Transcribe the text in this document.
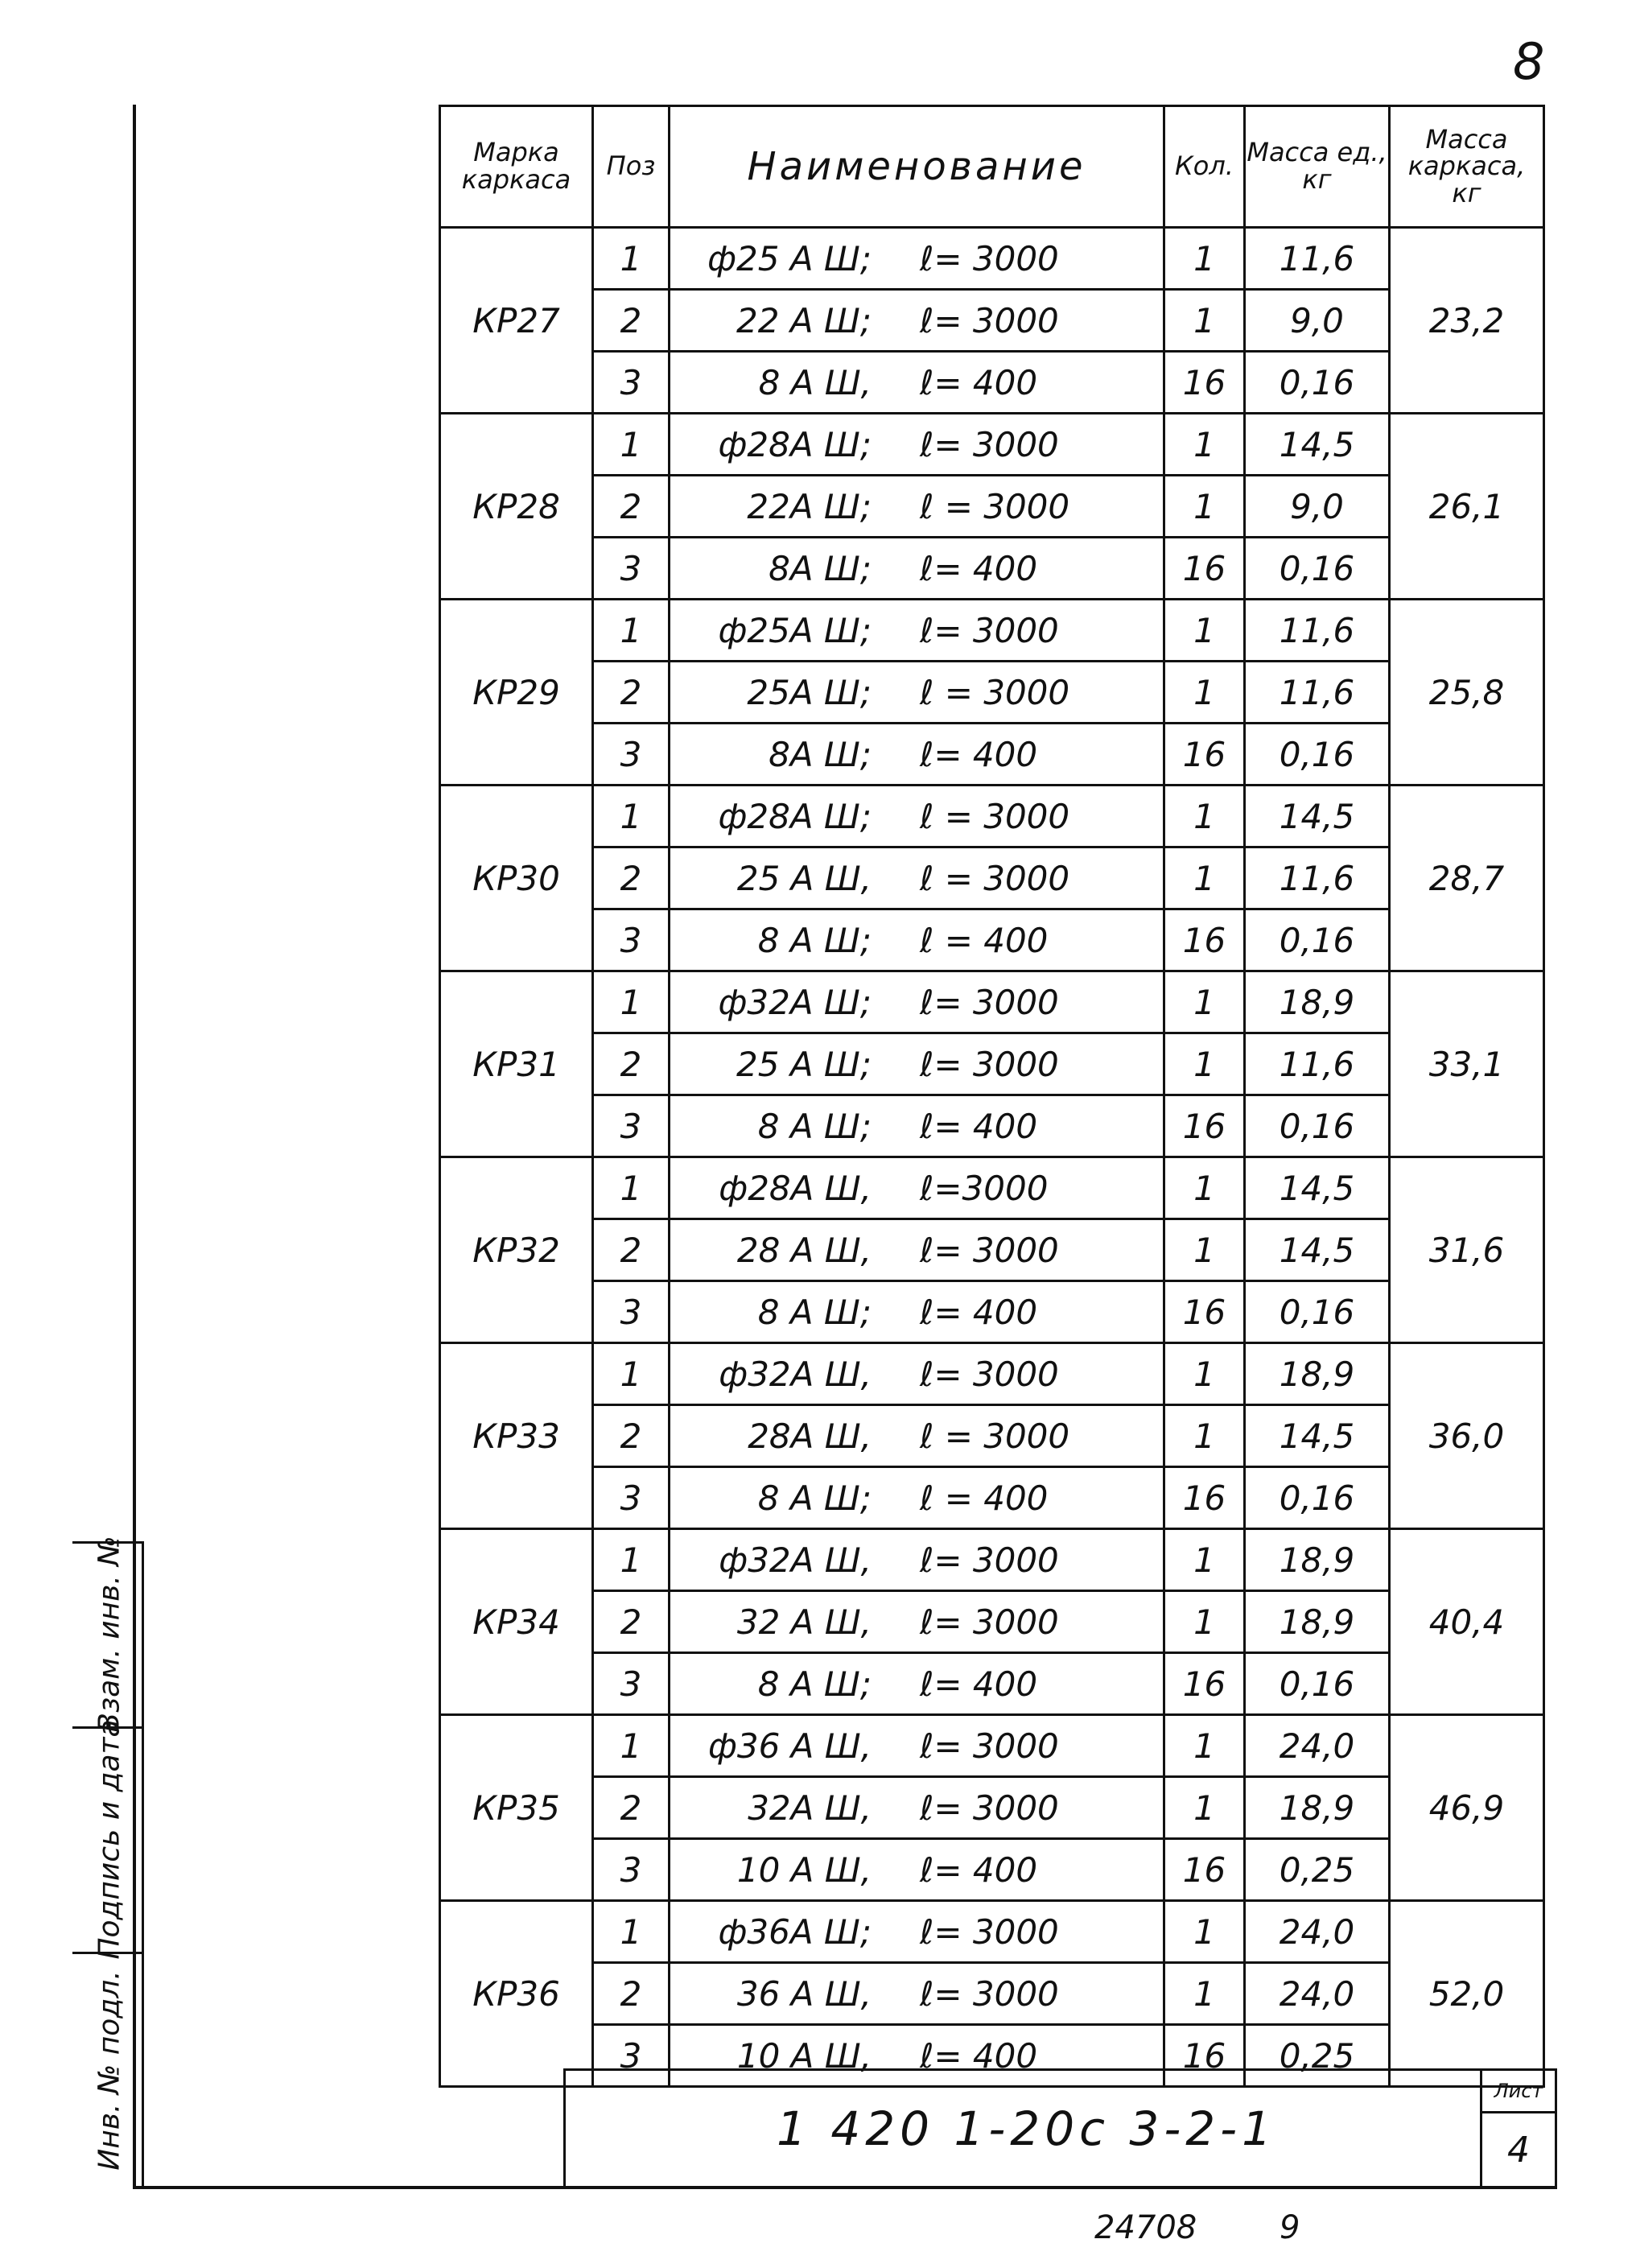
8
Взам. инв. №
Подпись и дата
Инв. № подл.
Марка каркаса	Поз	Наименование	Кол.	Масса ед., кг	Масса каркаса, кг
КР27	1	ф25 А Ш; ℓ= 3000	1	11,6	23,2
	2	22 А Ш; ℓ= 3000	1	9,0	
	3	8 А Ш, ℓ= 400	16	0,16	
КР28	1	ф28А Ш; ℓ= 3000	1	14,5	26,1
	2	22А Ш; ℓ = 3000	1	9,0	
	3	8А Ш; ℓ= 400	16	0,16	
КР29	1	ф25А Ш; ℓ= 3000	1	11,6	25,8
	2	25А Ш; ℓ = 3000	1	11,6	
	3	8А Ш; ℓ= 400	16	0,16	
КР30	1	ф28А Ш; ℓ = 3000	1	14,5	28,7
	2	25 А Ш, ℓ = 3000	1	11,6	
	3	8 А Ш; ℓ = 400	16	0,16	
КР31	1	ф32А Ш; ℓ= 3000	1	18,9	33,1
	2	25 А Ш; ℓ= 3000	1	11,6	
	3	8 А Ш; ℓ= 400	16	0,16	
КР32	1	ф28А Ш, ℓ=3000	1	14,5	31,6
	2	28 А Ш, ℓ= 3000	1	14,5	
	3	8 А Ш; ℓ= 400	16	0,16	
КР33	1	ф32А Ш, ℓ= 3000	1	18,9	36,0
	2	28А Ш, ℓ = 3000	1	14,5	
	3	8 А Ш; ℓ = 400	16	0,16	
КР34	1	ф32А Ш, ℓ= 3000	1	18,9	40,4
	2	32 А Ш, ℓ= 3000	1	18,9	
	3	8 А Ш; ℓ= 400	16	0,16	
КР35	1	ф36 А Ш, ℓ= 3000	1	24,0	46,9
	2	32А Ш, ℓ= 3000	1	18,9	
	3	10 А Ш, ℓ= 400	16	0,25	
КР36	1	ф36А Ш; ℓ= 3000	1	24,0	52,0
	2	36 А Ш, ℓ= 3000	1	24,0	
	3	10 А Ш, ℓ= 400	16	0,25	
1 420 1-20с 3-2-1
Лист
4
24708	9
